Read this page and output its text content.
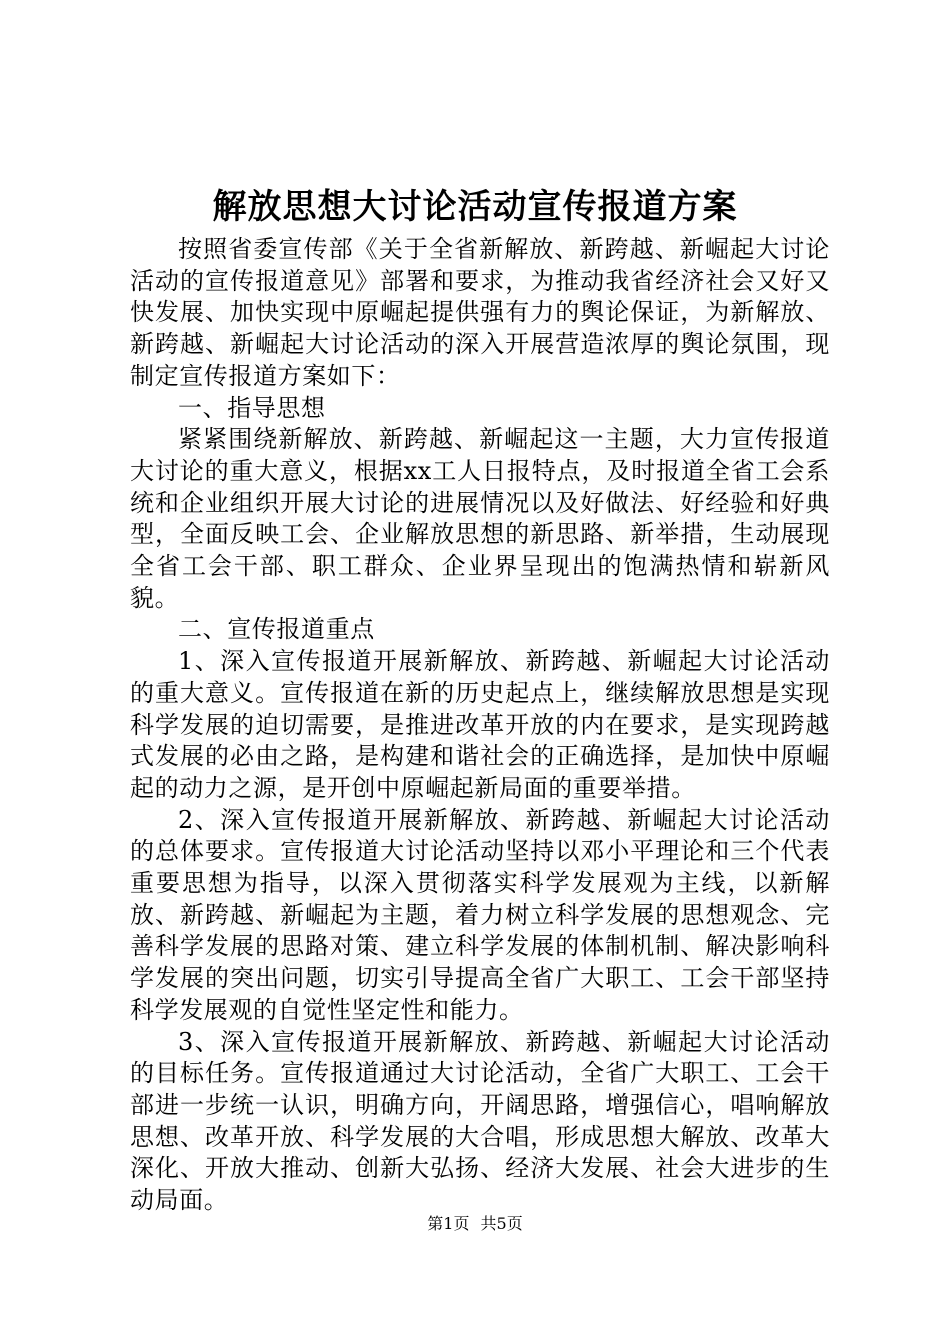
解放思想大讨论活动宣传报道方案

按照省委宣传部《关于全省新解放、新跨越、新崛起大讨论活动的宣传报道意见》部署和要求，为推动我省经济社会又好又快发展、加快实现中原崛起提供强有力的舆论保证，为新解放、新跨越、新崛起大讨论活动的深入开展营造浓厚的舆论氛围，现制定宣传报道方案如下：

一、指导思想

紧紧围绕新解放、新跨越、新崛起这一主题，大力宣传报道大讨论的重大意义，根据xx工人日报特点，及时报道全省工会系统和企业组织开展大讨论的进展情况以及好做法、好经验和好典型，全面反映工会、企业解放思想的新思路、新举措，生动展现全省工会干部、职工群众、企业界呈现出的饱满热情和崭新风貌。

二、宣传报道重点

1、深入宣传报道开展新解放、新跨越、新崛起大讨论活动的重大意义。宣传报道在新的历史起点上，继续解放思想是实现科学发展的迫切需要，是推进改革开放的内在要求，是实现跨越式发展的必由之路，是构建和谐社会的正确选择，是加快中原崛起的动力之源，是开创中原崛起新局面的重要举措。

2、深入宣传报道开展新解放、新跨越、新崛起大讨论活动的总体要求。宣传报道大讨论活动坚持以邓小平理论和三个代表重要思想为指导，以深入贯彻落实科学发展观为主线，以新解放、新跨越、新崛起为主题，着力树立科学发展的思想观念、完善科学发展的思路对策、建立科学发展的体制机制、解决影响科学发展的突出问题，切实引导提高全省广大职工、工会干部坚持科学发展观的自觉性坚定性和能力。

3、深入宣传报道开展新解放、新跨越、新崛起大讨论活动的目标任务。宣传报道通过大讨论活动，全省广大职工、工会干部进一步统一认识，明确方向，开阔思路，增强信心，唱响解放思想、改革开放、科学发展的大合唱，形成思想大解放、改革大深化、开放大推动、创新大弘扬、经济大发展、社会大进步的生动局面。

第1页 共5页
